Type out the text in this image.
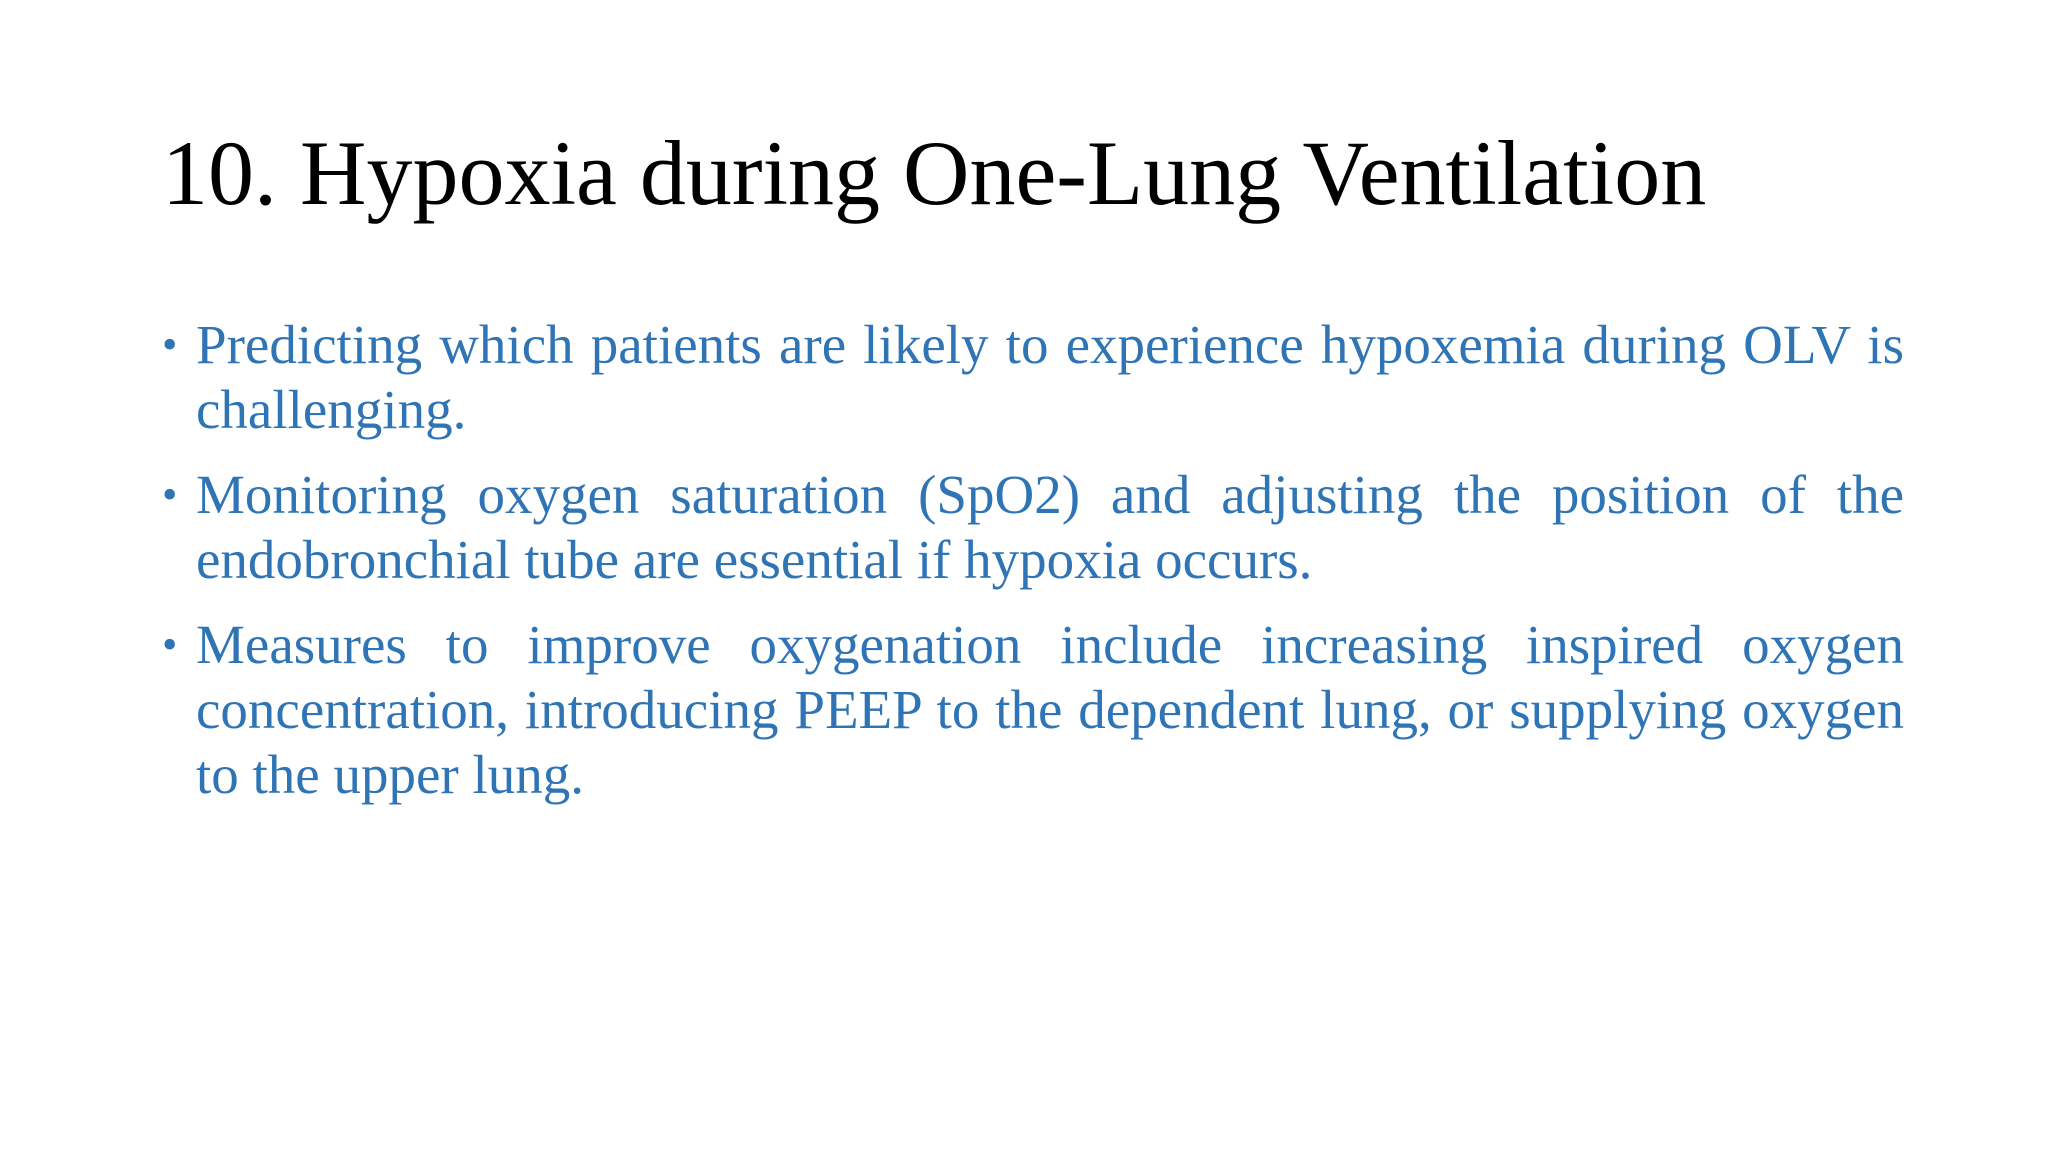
10. Hypoxia during One-Lung Ventilation
• Predicting which patients are likely to experience hypoxemia during OLV is challenging.
• Monitoring oxygen saturation (SpO2) and adjusting the position of the endobronchial tube are essential if hypoxia occurs.
• Measures to improve oxygenation include increasing inspired oxygen concentration, introducing PEEP to the dependent lung, or supplying oxygen to the upper lung.
